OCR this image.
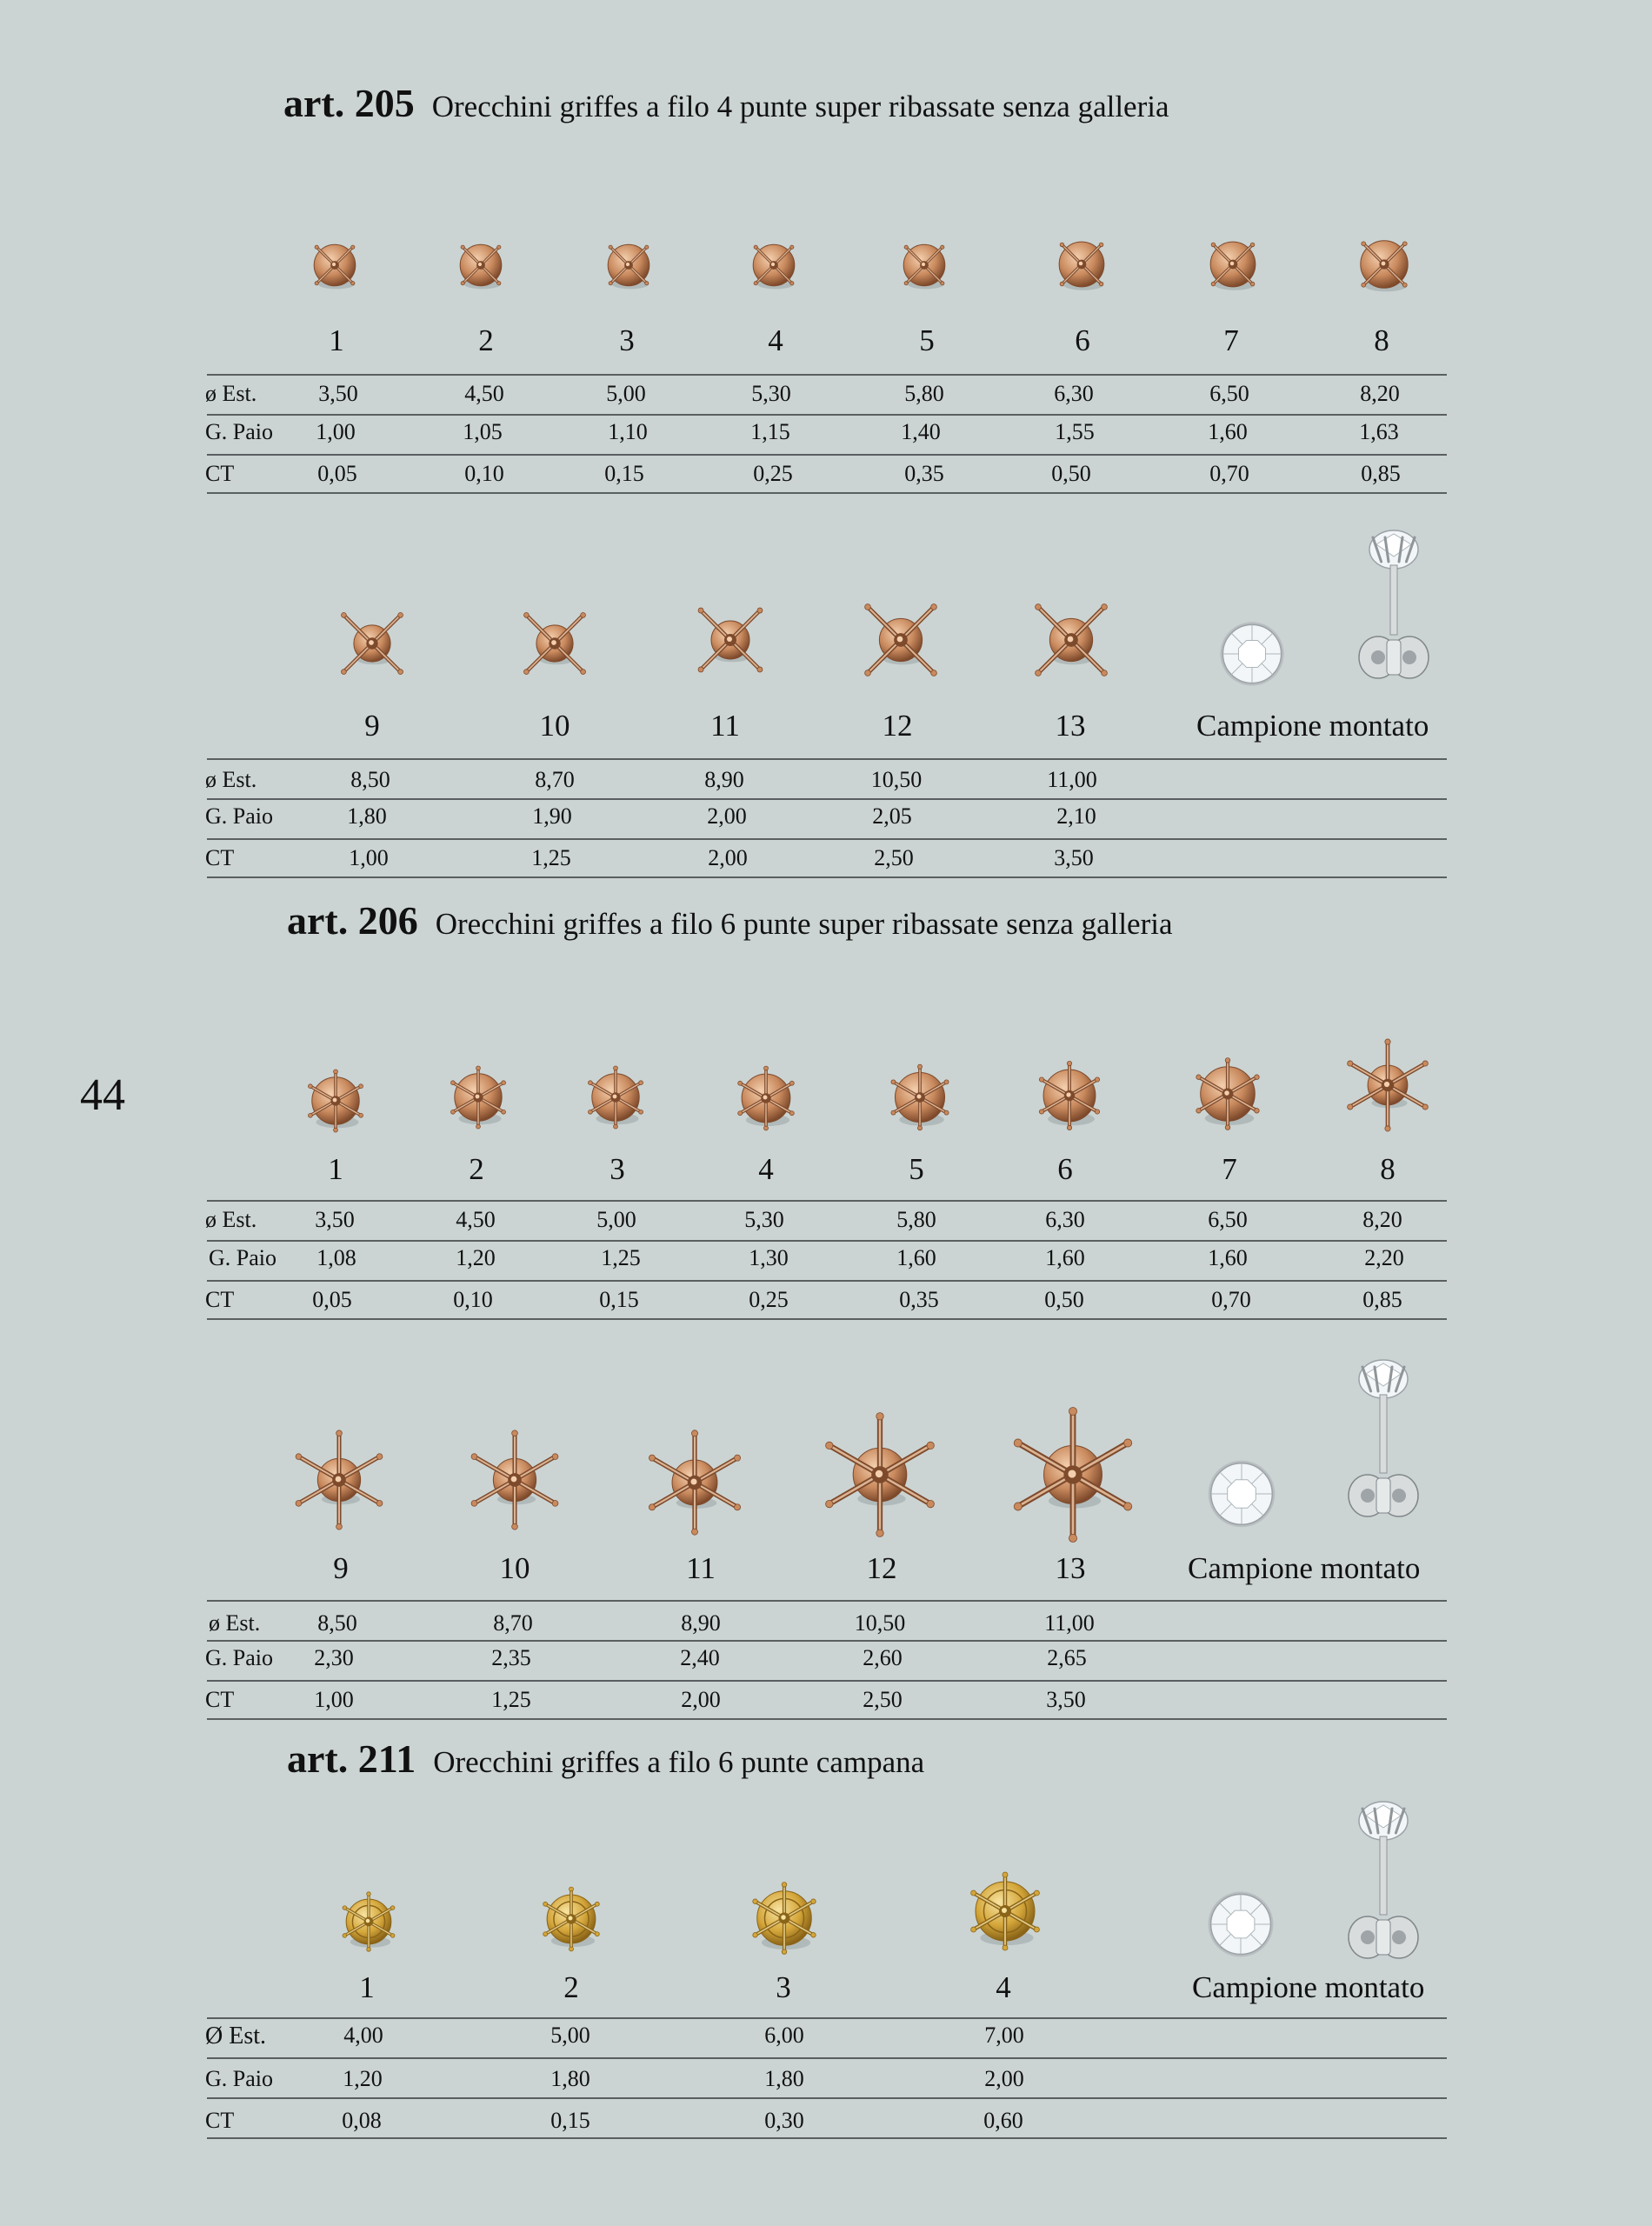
44
art. 205 Orecchini griffes a filo 4 punte super ribassate senza galleria
1	2	3	4	5	6	7	8
ø Est.	3,50	4,50	5,00	5,30	5,80	6,30	6,50	8,20
G. Paio 1,00	1,05	1,10	1,15	1,40	1,55	1,60	1,63
CT	0,05	0,10	0,15	0,25	0,35	0,50	0,70	0,85
9	10	11	12	13	Campione montato
ø Est.	8,50	8,70	8,90	10,50	11,00
G. Paio	1,80	1,90	2,00	2,05	2,10
CT	1,00	1,25	2,00	2,50	3,50
art. 206 Orecchini griffes a filo 6 punte super ribassate senza galleria
1	2	3	4	5	6	7	8
ø Est.	3,50	4,50	5,00	5,30	5,80	6,30	6,50	8,20
G. Paio 1,08	1,20	1,25	1,30	1,60	1,60	1,60	2,20
CT	0,05	0,10	0,15	0,25	0,35	0,50	0,70	0,85
9	10	11	12	13	Campione montato
ø Est.	8,50	8,70	8,90	10,50	11,00
G. Paio 2,30	2,35	2,40	2,60	2,65
CT	1,00	1,25	2,00	2,50	3,50
art. 211 Orecchini griffes a filo 6 punte campana
1	2	3	4	Campione montato
Ø Est.	4,00	5,00	6,00	7,00
G. Paio	1,20	1,80	1,80	2,00
CT	0,08	0,15	0,30	0,60
